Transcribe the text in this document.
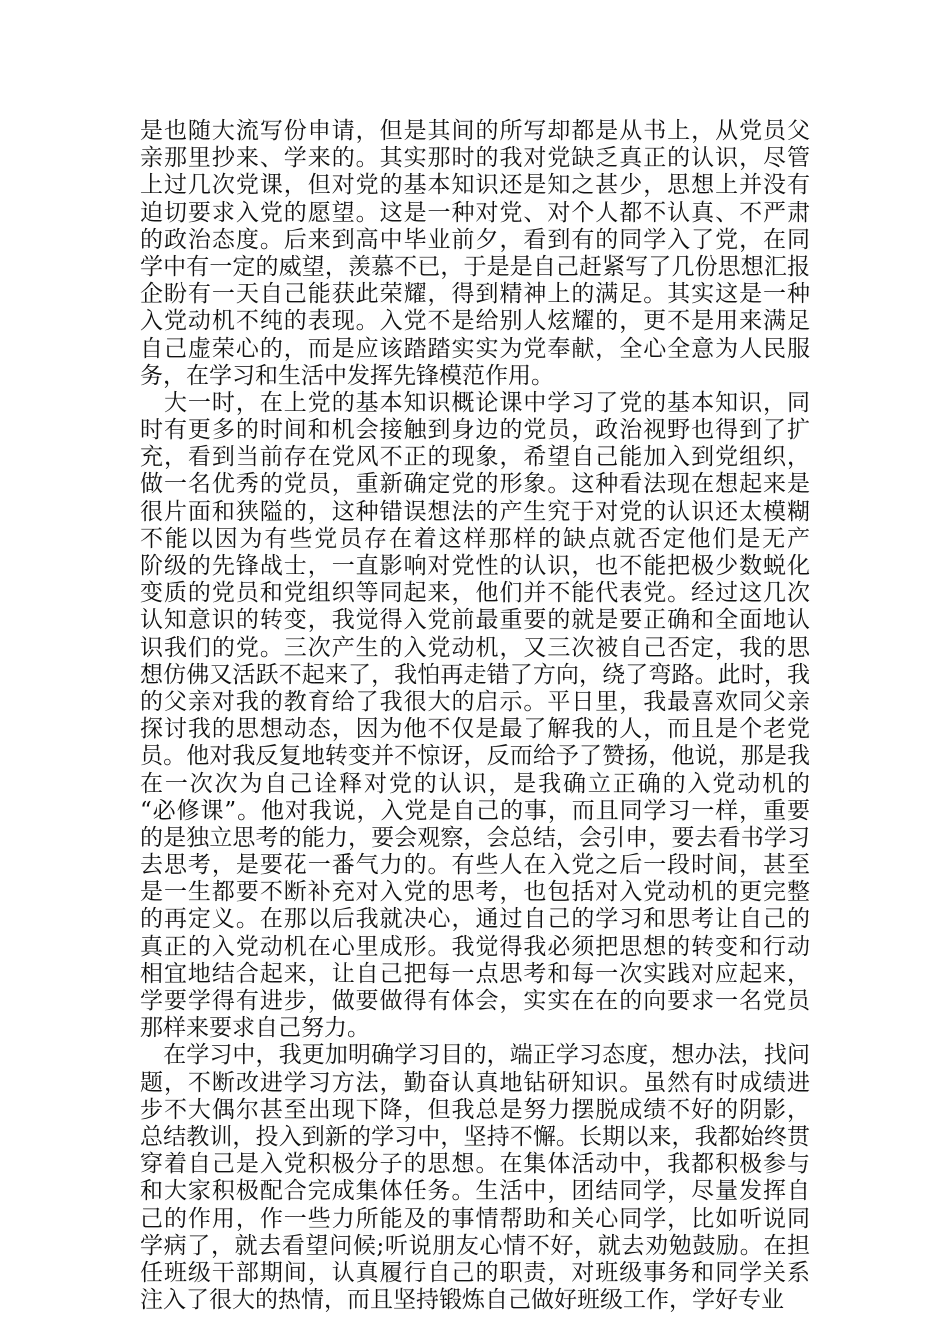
是也随大流写份申请，但是其间的所写却都是从书上，从党员父
亲那里抄来、学来的。其实那时的我对党缺乏真正的认识，尽管
上过几次党课，但对党的基本知识还是知之甚少，思想上并没有
迫切要求入党的愿望。这是一种对党、对个人都不认真、不严肃
的政治态度。后来到高中毕业前夕，看到有的同学入了党，在同
学中有一定的威望，羡慕不已，于是是自己赶紧写了几份思想汇报
企盼有一天自己能获此荣耀，得到精神上的满足。其实这是一种
入党动机不纯的表现。入党不是给别人炫耀的，更不是用来满足
自己虚荣心的，而是应该踏踏实实为党奉献，全心全意为人民服
务，在学习和生活中发挥先锋模范作用。
　大一时，在上党的基本知识概论课中学习了党的基本知识，同
时有更多的时间和机会接触到身边的党员，政治视野也得到了扩
充，看到当前存在党风不正的现象，希望自己能加入到党组织，
做一名优秀的党员，重新确定党的形象。这种看法现在想起来是
很片面和狭隘的，这种错误想法的产生究于对党的认识还太模糊
不能以因为有些党员存在着这样那样的缺点就否定他们是无产
阶级的先锋战士，一直影响对党性的认识，也不能把极少数蜕化
变质的党员和党组织等同起来，他们并不能代表党。经过这几次
认知意识的转变，我觉得入党前最重要的就是要正确和全面地认
识我们的党。三次产生的入党动机，又三次被自己否定，我的思
想仿佛又活跃不起来了，我怕再走错了方向，绕了弯路。此时，我
的父亲对我的教育给了我很大的启示。平日里，我最喜欢同父亲
探讨我的思想动态，因为他不仅是最了解我的人，而且是个老党
员。他对我反复地转变并不惊讶，反而给予了赞扬，他说，那是我
在一次次为自己诠释对党的认识，是我确立正确的入党动机的
“必修课”。他对我说，入党是自己的事，而且同学习一样，重要
的是独立思考的能力，要会观察，会总结，会引申，要去看书学习
去思考，是要花一番气力的。有些人在入党之后一段时间，甚至
是一生都要不断补充对入党的思考，也包括对入党动机的更完整
的再定义。在那以后我就决心，通过自己的学习和思考让自己的
真正的入党动机在心里成形。我觉得我必须把思想的转变和行动
相宜地结合起来，让自己把每一点思考和每一次实践对应起来，
学要学得有进步，做要做得有体会，实实在在的向要求一名党员
那样来要求自己努力。
　在学习中，我更加明确学习目的，端正学习态度，想办法，找问
题，不断改进学习方法，勤奋认真地钻研知识。虽然有时成绩进
步不大偶尔甚至出现下降，但我总是努力摆脱成绩不好的阴影，
总结教训，投入到新的学习中，坚持不懈。长期以来，我都始终贯
穿着自己是入党积极分子的思想。在集体活动中，我都积极参与
和大家积极配合完成集体任务。生活中，团结同学，尽量发挥自
己的作用，作一些力所能及的事情帮助和关心同学，比如听说同
学病了，就去看望问候;听说朋友心情不好，就去劝勉鼓励。在担
任班级干部期间，认真履行自己的职责，对班级事务和同学关系
注入了很大的热情，而且坚持锻炼自己做好班级工作，学好专业
